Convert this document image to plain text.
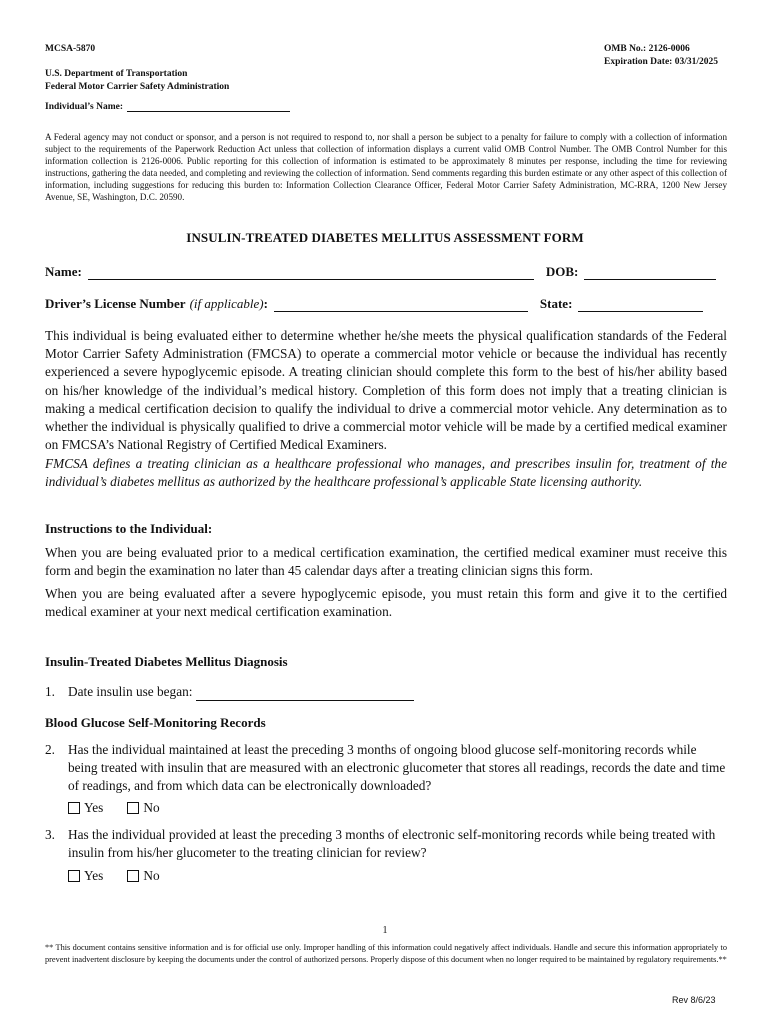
MCSA-5870	OMB No.: 2126-0006
Expiration Date: 03/31/2025
U.S. Department of Transportation
Federal Motor Carrier Safety Administration
Individual’s Name:
A Federal agency may not conduct or sponsor, and a person is not required to respond to, nor shall a person be subject to a penalty for failure to comply with a collection of information subject to the requirements of the Paperwork Reduction Act unless that collection of information displays a current valid OMB Control Number. The OMB Control Number for this information collection is 2126-0006. Public reporting for this collection of information is estimated to be approximately 8 minutes per response, including the time for reviewing instructions, gathering the data needed, and completing and reviewing the collection of information. Send comments regarding this burden estimate or any other aspect of this collection of information, including suggestions for reducing this burden to: Information Collection Clearance Officer, Federal Motor Carrier Safety Administration, MC-RRA, 1200 New Jersey Avenue, SE, Washington, D.C. 20590.
INSULIN-TREATED DIABETES MELLITUS ASSESSMENT FORM
Name:	DOB:
Driver’s License Number (if applicable) :	State:
This individual is being evaluated either to determine whether he/she meets the physical qualification standards of the Federal Motor Carrier Safety Administration (FMCSA) to operate a commercial motor vehicle or because the individual has recently experienced a severe hypoglycemic episode. A treating clinician should complete this form to the best of his/her ability based on his/her knowledge of the individual’s medical history. Completion of this form does not imply that a treating clinician is making a medical certification decision to qualify the individual to drive a commercial motor vehicle. Any determination as to whether the individual is physically qualified to drive a commercial motor vehicle will be made by a certified medical examiner on FMCSA’s National Registry of Certified Medical Examiners.
FMCSA defines a treating clinician as a healthcare professional who manages, and prescribes insulin for, treatment of the individual’s diabetes mellitus as authorized by the healthcare professional’s applicable State licensing authority.
Instructions to the Individual:
When you are being evaluated prior to a medical certification examination, the certified medical examiner must receive this form and begin the examination no later than 45 calendar days after a treating clinician signs this form.
When you are being evaluated after a severe hypoglycemic episode, you must retain this form and give it to the certified medical examiner at your next medical certification examination.
Insulin-Treated Diabetes Mellitus Diagnosis
1. Date insulin use began:
Blood Glucose Self-Monitoring Records
2. Has the individual maintained at least the preceding 3 months of ongoing blood glucose self-monitoring records while being treated with insulin that are measured with an electronic glucometer that stores all readings, records the date and time of readings, and from which data can be electronically downloaded?
Yes	No
3. Has the individual provided at least the preceding 3 months of electronic self-monitoring records while being treated with insulin from his/her glucometer to the treating clinician for review?
Yes	No
1
** This document contains sensitive information and is for official use only. Improper handling of this information could negatively affect individuals. Handle and secure this information appropriately to prevent inadvertent disclosure by keeping the documents under the control of authorized persons. Properly dispose of this document when no longer required to be maintained by regulatory requirements.**
Rev 8/6/23
